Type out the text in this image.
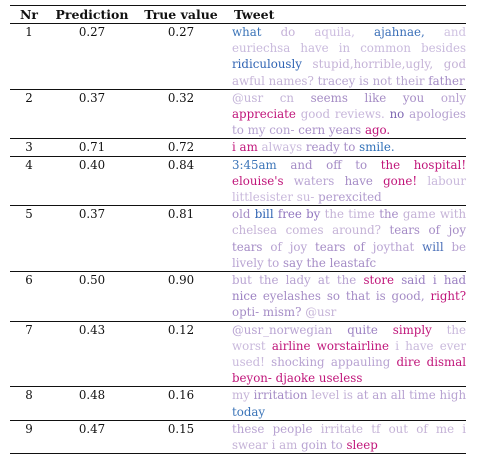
Nr	Prediction	True value	Tweet
1	0.27	0.27	what do aquila, ajahnae, and euriechsa have in common besides ridiculously stupid,horrible,ugly, god awful names? tracey is not their father
2	0.37	0.32	@usr cn seems like you only appreciate good reviews. no apologies to my con- cern years ago.
3	0.71	0.72	i am always ready to smile.
4	0.40	0.84	3:45am and off to the hospital! elouise's waters have gone! labour littlesister su- perexcited
5	0.37	0.81	old bill free by the time the game with chelsea comes around? tears of joy tears of joy tears of joythat will be lively to say the leastafc
6	0.50	0.90	but the lady at the store said i had nice eyelashes so that is good, right? opti- mism? @usr
7	0.43	0.12	@usr_norwegian quite simply the worst airline worstairline i have ever used! shocking appauling dire dismal beyon- djaoke useless
8	0.48	0.16	my irritation level is at an all time high today
9	0.47	0.15	these people irritate tf out of me i swear i am goin to sleep
